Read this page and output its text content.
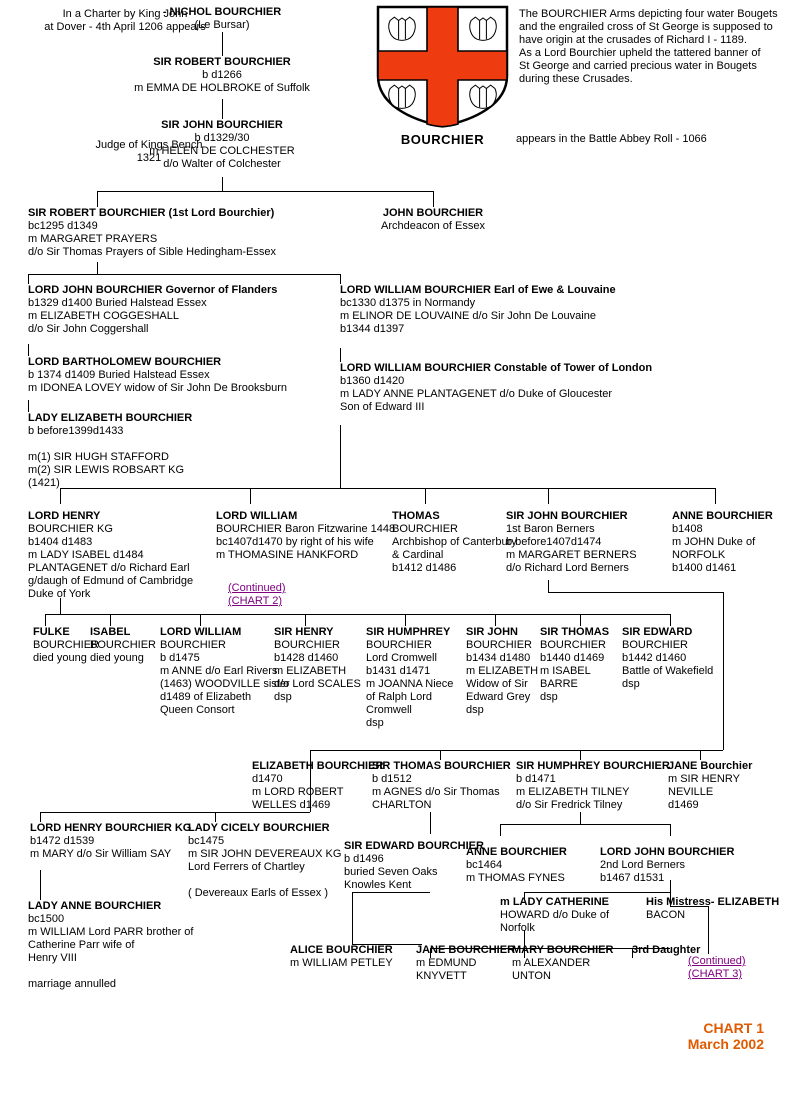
BOURCHIER
- NICHOL BOURCHIER
(Le Bursar)
SIR ROBERT BOURCHIER
b d1266
m EMMA DE HOLBROKE of Suffolk
SIR JOHN BOURCHIER
b d1329/30
m HELEN DE COLCHESTER
d/o Walter of Colchester
SIR ROBERT BOURCHIER (1st Lord Bourchier)
bc1295 d1349
m MARGARET PRAYERS
d/o Sir Thomas Prayers of Sible Hedingham-Essex
JOHN BOURCHIER
Archdeacon of Essex
LORD JOHN BOURCHIER Governor of Flanders
b1329 d1400 Buried Halstead Essex
m ELIZABETH COGGESHALL
d/o Sir John Coggershall
LORD WILLIAM BOURCHIER Earl of Ewe & Louvaine
bc1330 d1375 in Normandy
m ELINOR DE LOUVAINE d/o Sir John De Louvaine
b1344 d1397
LORD BARTHOLOMEW BOURCHIER
b 1374 d1409 Buried Halstead Essex
m IDONEA LOVEY widow of Sir John De Brooksburn
LORD WILLIAM BOURCHIER Constable of Tower of London
b1360 d1420
m LADY ANNE PLANTAGENET d/o Duke of Gloucester
Son of Edward III
LADY ELIZABETH BOURCHIER
b before1399d1433

m(1) SIR HUGH STAFFORD
m(2) SIR LEWIS ROBSART KG
(1421)
LORD HENRY
BOURCHIER KG
b1404 d1483
m LADY ISABEL d1484
PLANTAGENET d/o Richard Earl
g/daugh of Edmund of Cambridge
Duke of York
LORD WILLIAM
BOURCHIER Baron Fitzwarine 1448
bc1407d1470 by right of his wife
m THOMASINE HANKFORD
THOMAS
BOURCHIER
Archbishop of Canterbury
& Cardinal
b1412 d1486
SIR JOHN BOURCHIER
1st Baron Berners
b before1407d1474
m MARGARET BERNERS
d/o Richard Lord Berners
ANNE BOURCHIER
b1408
m JOHN Duke of
NORFOLK
b1400 d1461
FULKE
BOURCHIER
died young
ISABEL
BOURCHIER
died young
LORD WILLIAM
BOURCHIER
b d1475
m ANNE d/o Earl Rivers
(1463) WOODVILLE sister
d1489 of Elizabeth
Queen Consort
SIR HENRY
BOURCHIER
b1428 d1460
m ELIZABETH
d/o Lord SCALES
dsp
SIR HUMPHREY
BOURCHIER
Lord Cromwell
b1431 d1471
m JOANNA Niece
of Ralph Lord
Cromwell
dsp
SIR JOHN
BOURCHIER
b1434 d1480
m ELIZABETH
Widow of Sir
Edward Grey
dsp
SIR THOMAS
BOURCHIER
b1440 d1469
m ISABEL
BARRE
dsp
SIR EDWARD
BOURCHIER
b1442 d1460
Battle of Wakefield
dsp
ELIZABETH BOURCHIER
d1470
m LORD ROBERT
WELLES d1469
SIR THOMAS BOURCHIER
b d1512
m AGNES d/o Sir Thomas
CHARLTON
SIR HUMPHREY BOURCHIER
b d1471
m ELIZABETH TILNEY
d/o Sir Fredrick Tilney
JANE Bourchier
m SIR HENRY
NEVILLE
d1469
LORD HENRY BOURCHIER KG
b1472 d1539
m MARY d/o Sir William SAY
LADY CICELY BOURCHIER
bc1475
m SIR JOHN DEVEREAUX KG
Lord Ferrers of Chartley

( Devereaux Earls of Essex )
SIR EDWARD BOURCHIER
b d1496
buried Seven Oaks
Knowles Kent
ANNE BOURCHIER
bc1464
m THOMAS FYNES
LORD JOHN BOURCHIER
2nd Lord Berners
b1467 d1531
LADY ANNE BOURCHIER
bc1500
m WILLIAM Lord PARR brother of
Catherine Parr wife of
Henry VIII

marriage annulled
ALICE BOURCHIER
m WILLIAM PETLEY
JANE BOURCHIER
m EDMUND
KNYVETT
MARY BOURCHIER
m ALEXANDER
UNTON
3rd Daughter
m LADY CATHERINE
HOWARD d/o Duke of
Norfolk
His Mistress- ELIZABETH
BACON
In a Charter by King John
at Dover - 4th April 1206 appears
The BOURCHIER Arms depicting four water Bougets
and the engrailed cross of St George is supposed to
have origin at the crusades of Richard I - 1189.
As a Lord Bourchier upheld the tattered banner of
St George and carried precious water in Bougets
during these Crusades.
appears in the Battle Abbey Roll - 1066
Judge of Kings Bench
1321
(Continued)
(CHART 2)
(Continued)
(CHART 3)
CHART 1
March 2002
